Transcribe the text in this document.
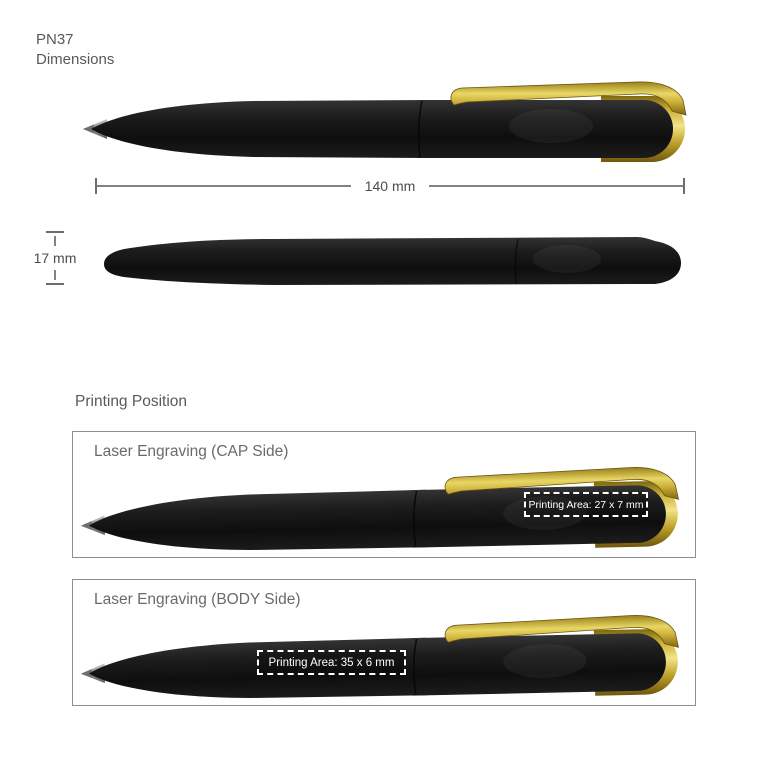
PN37
Dimensions
140 mm
17 mm
Printing Position
Laser Engraving (CAP Side)
Printing Area: 27 x 7 mm
Laser Engraving (BODY Side)
Printing Area: 35 x 6 mm
